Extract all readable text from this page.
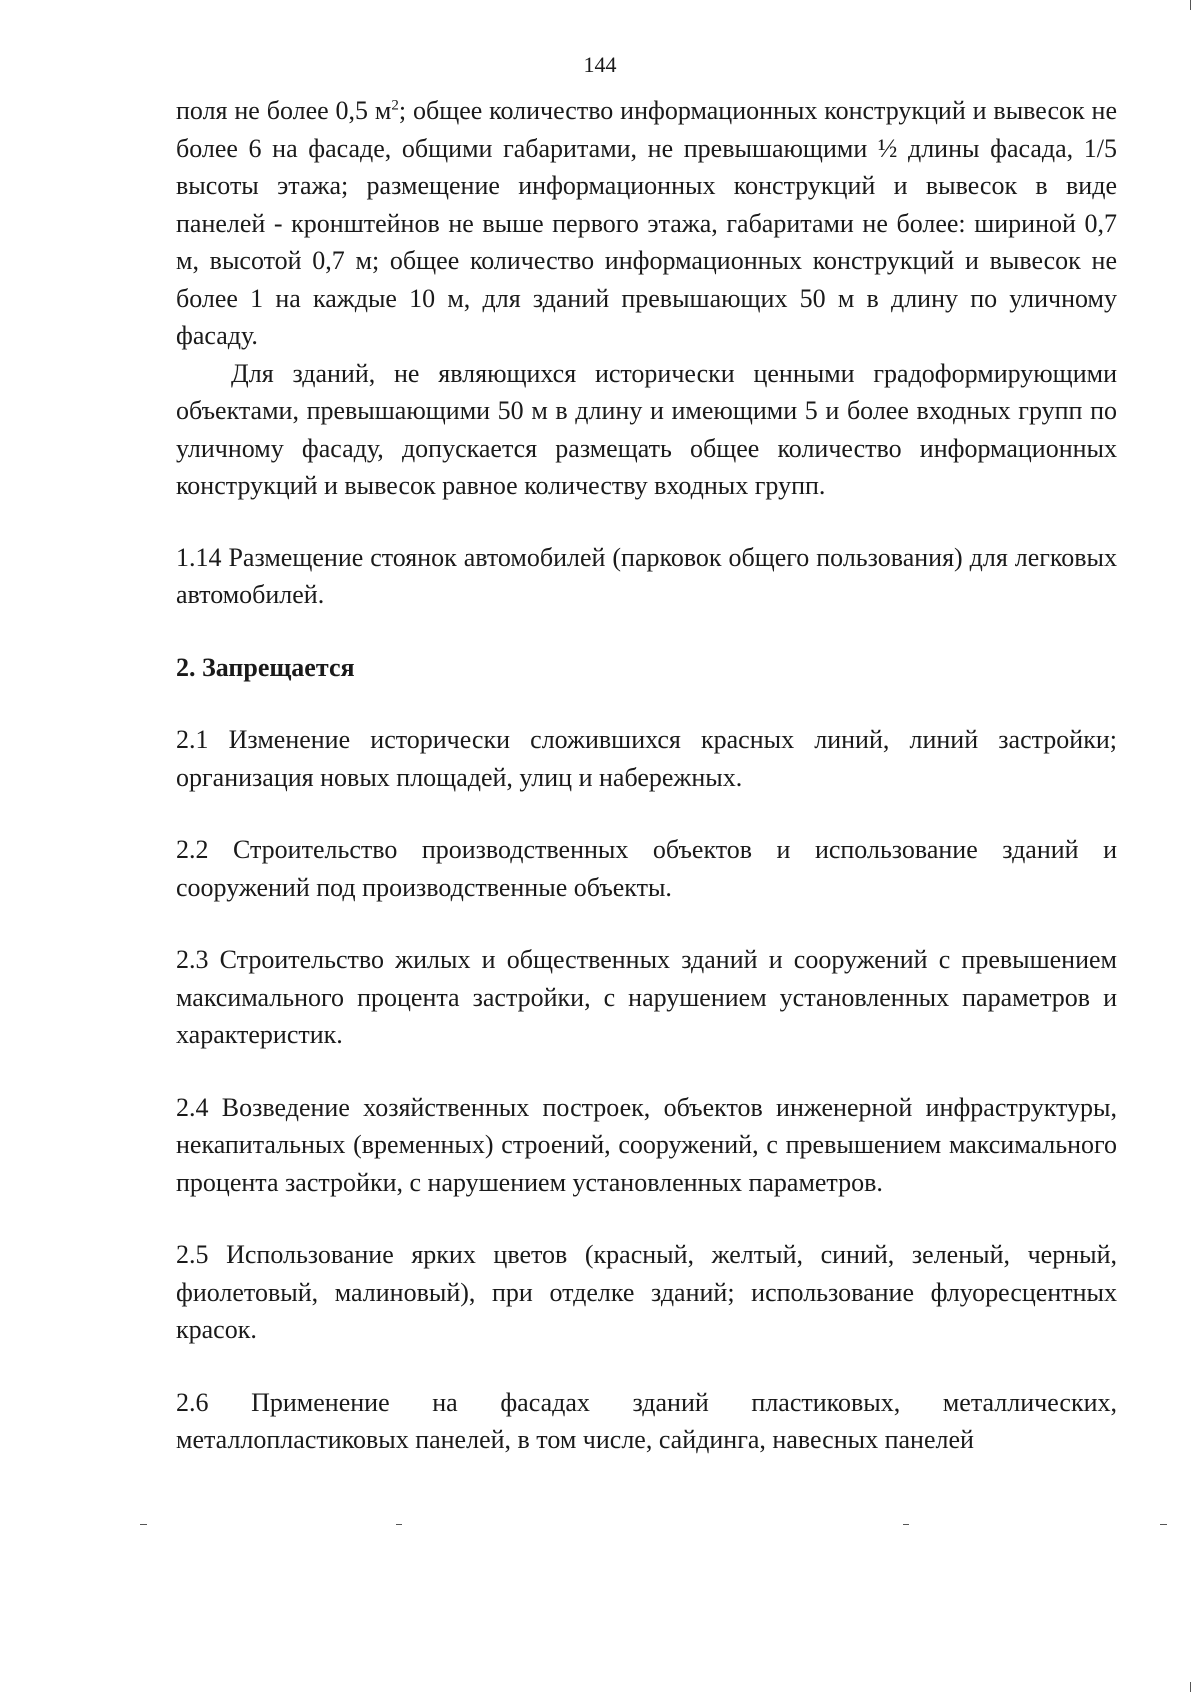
144

поля не более 0,5 $м^2$; общее количество информационных конструкций и вывесок не более 6 на фасаде, общими габаритами, не превышающими ½ длины фасада, 1/5 высоты этажа; размещение информационных конструкций и вывесок в виде панелей - кронштейнов не выше первого этажа, габаритами не более: шириной 0,7 м, высотой 0,7 м; общее количество информационных конструкций и вывесок не более 1 на каждые 10 м, для зданий превышающих 50 м в длину по уличному фасаду.

Для зданий, не являющихся исторически ценными градоформирующими объектами, превышающими 50 м в длину и имеющими 5 и более входных групп по уличному фасаду, допускается размещать общее количество информационных конструкций и вывесок равное количеству входных групп.

1.14 Размещение стоянок автомобилей (парковок общего пользования) для легковых автомобилей.

2. Запрещается

2.1 Изменение исторически сложившихся красных линий, линий застройки; организация новых площадей, улиц и набережных.

2.2 Строительство производственных объектов и использование зданий и сооружений под производственные объекты.

2.3 Строительство жилых и общественных зданий и сооружений с превышением максимального процента застройки, с нарушением установленных параметров и характеристик.

2.4 Возведение хозяйственных построек, объектов инженерной инфраструктуры, некапитальных (временных) строений, сооружений, с превышением максимального процента застройки, с нарушением установленных параметров.

2.5 Использование ярких цветов (красный, желтый, синий, зеленый, черный, фиолетовый, малиновый), при отделке зданий; использование флуоресцентных красок.

2.6 Применение на фасадах зданий пластиковых, металлических, металлопластиковых панелей, в том числе, сайдинга, навесных панелей
